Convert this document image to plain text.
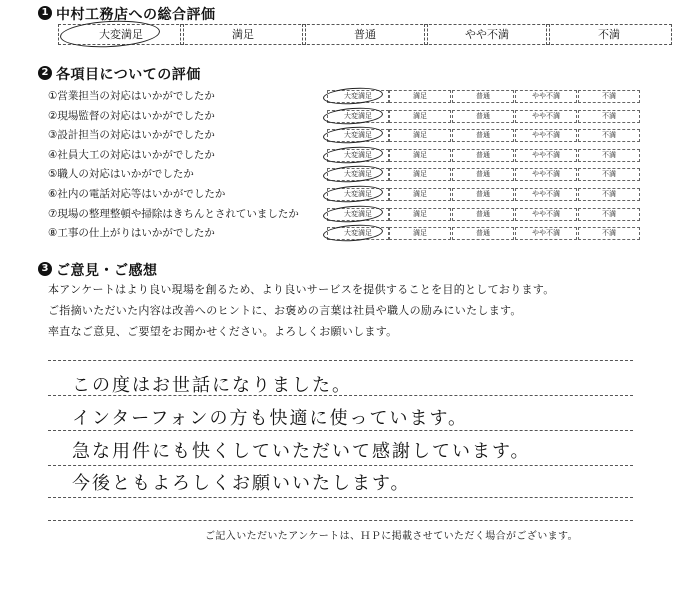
1 中村工務店への総合評価
大変満足	満足	普通	やや不満	不満
2 各項目についての評価
①営業担当の対応はいかがでしたか	大変満足	満足	普通	やや不満	不満
②現場監督の対応はいかがでしたか	大変満足	満足	普通	やや不満	不満
③設計担当の対応はいかがでしたか	大変満足	満足	普通	やや不満	不満
④社員大工の対応はいかがでしたか	大変満足	満足	普通	やや不満	不満
⑤職人の対応はいかがでしたか	大変満足	満足	普通	やや不満	不満
⑥社内の電話対応等はいかがでしたか	大変満足	満足	普通	やや不満	不満
⑦現場の整理整頓や掃除はきちんとされていましたか	大変満足	満足	普通	やや不満	不満
⑧工事の仕上がりはいかがでしたか	大変満足	満足	普通	やや不満	不満
3 ご意見・ご感想
本アンケートはより良い現場を創るため、より良いサービスを提供することを目的としております。
ご指摘いただいた内容は改善へのヒントに、お褒めの言葉は社員や職人の励みにいたします。
率直なご意見、ご要望をお聞かせください。よろしくお願いします。
この度はお世話になりました。
インターフォンの方も快適に使っています。
急な用件にも快くしていただいて感謝しています。
今後ともよろしくお願いいたします。
ご記入いただいたアンケートは、ＨＰに掲載させていただく場合がございます。
